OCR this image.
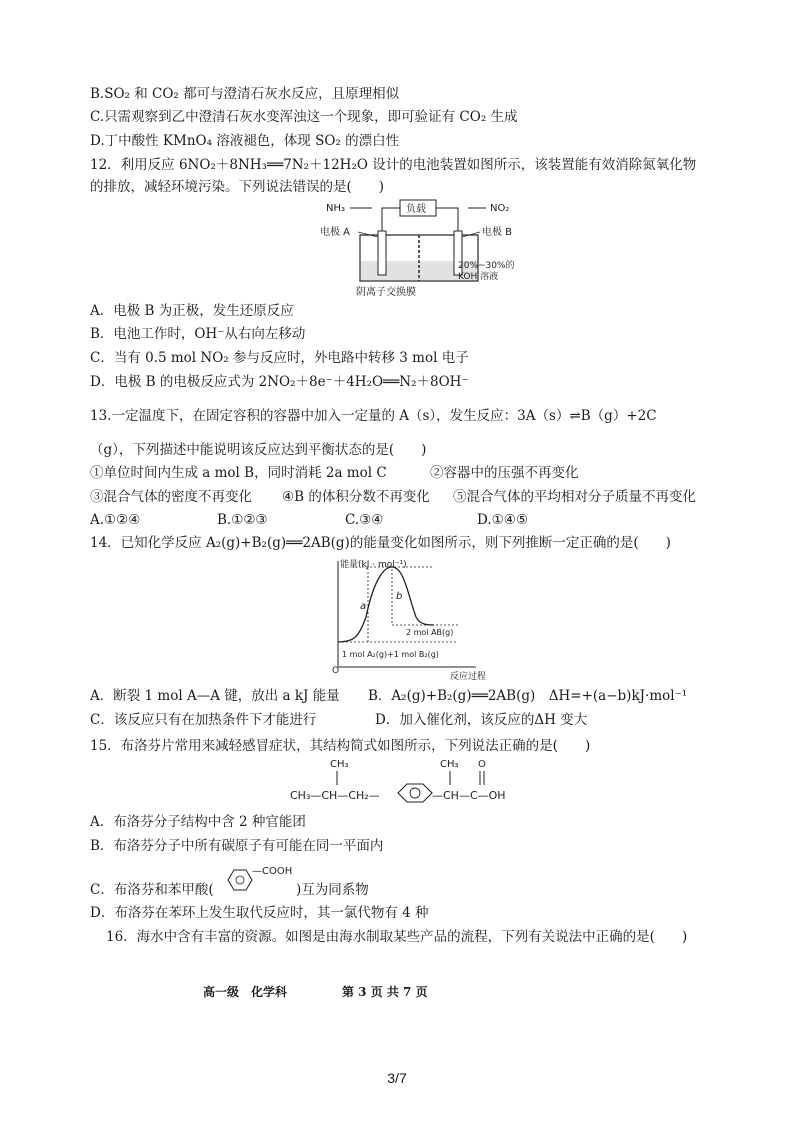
B.SO₂ 和 CO₂ 都可与澄清石灰水反应，且原理相似
C.只需观察到乙中澄清石灰水变浑浊这一个现象，即可验证有 CO₂ 生成
D.丁中酸性 KMnO₄ 溶液褪色，体现 SO₂ 的漂白性
12．利用反应 6NO₂＋8NH₃══7N₂＋12H₂O 设计的电池装置如图所示，该装置能有效消除氮氧化物
的排放，减轻环境污染。下列说法错误的是(　　)
NH₃	NO₂
负载
电极 A	电极 B
20%~30%的
KOH 溶液
阴离子交换膜
A．电极 B 为正极，发生还原反应
B．电池工作时，OH⁻从右向左移动
C．当有 0.5 mol NO₂ 参与反应时，外电路中转移 3 mol 电子
D．电极 B 的电极反应式为 2NO₂＋8e⁻＋4H₂O══N₂＋8OH⁻
13.一定温度下，在固定容积的容器中加入一定量的 A（s），发生反应：3A（s）⇌B（g）+2C
（g），下列描述中能说明该反应达到平衡状态的是(　　)
①单位时间内生成 a mol B，同时消耗 2a mol C	②容器中的压强不再变化
③混合气体的密度不再变化 ④B 的体积分数不再变化 ⑤混合气体的平均相对分子质量不再变化
A.①②④	B.①②③	C.③④	D.①④⑤
14．已知化学反应 A₂(g)+B₂(g)══2AB(g)的能量变化如图所示，则下列推断一定正确的是(　　)
能量(kJ · mol⁻¹)
O
反应过程
a
b
2 mol AB(g)
1 mol A₂(g)+1 mol B₂(g)
A．断裂 1 mol A—A 键，放出 a kJ 能量 B．A₂(g)+B₂(g)══2AB(g)　ΔH=+(a−b)kJ·mol⁻¹
C．该反应只有在加热条件下才能进行	D．加入催化剂，该反应的ΔH 变大
15．布洛芬片常用来减轻感冒症状，其结构简式如图所示，下列说法正确的是(　　)
CH₃
CH₃—CH—CH₂—	—CH—C—OH
CH₃ O
A．布洛芬分子结构中含 2 种官能团
B．布洛芬分子中所有碳原子有可能在同一平面内
C．布洛芬和苯甲酸(
—COOH
)互为同系物
D．布洛芬在苯环上发生取代反应时，其一氯代物有 4 种
16．海水中含有丰富的资源。如图是由海水制取某些产品的流程，下列有关说法中正确的是(　　)
高一级　化学科	第 3 页 共 7 页
3/7
